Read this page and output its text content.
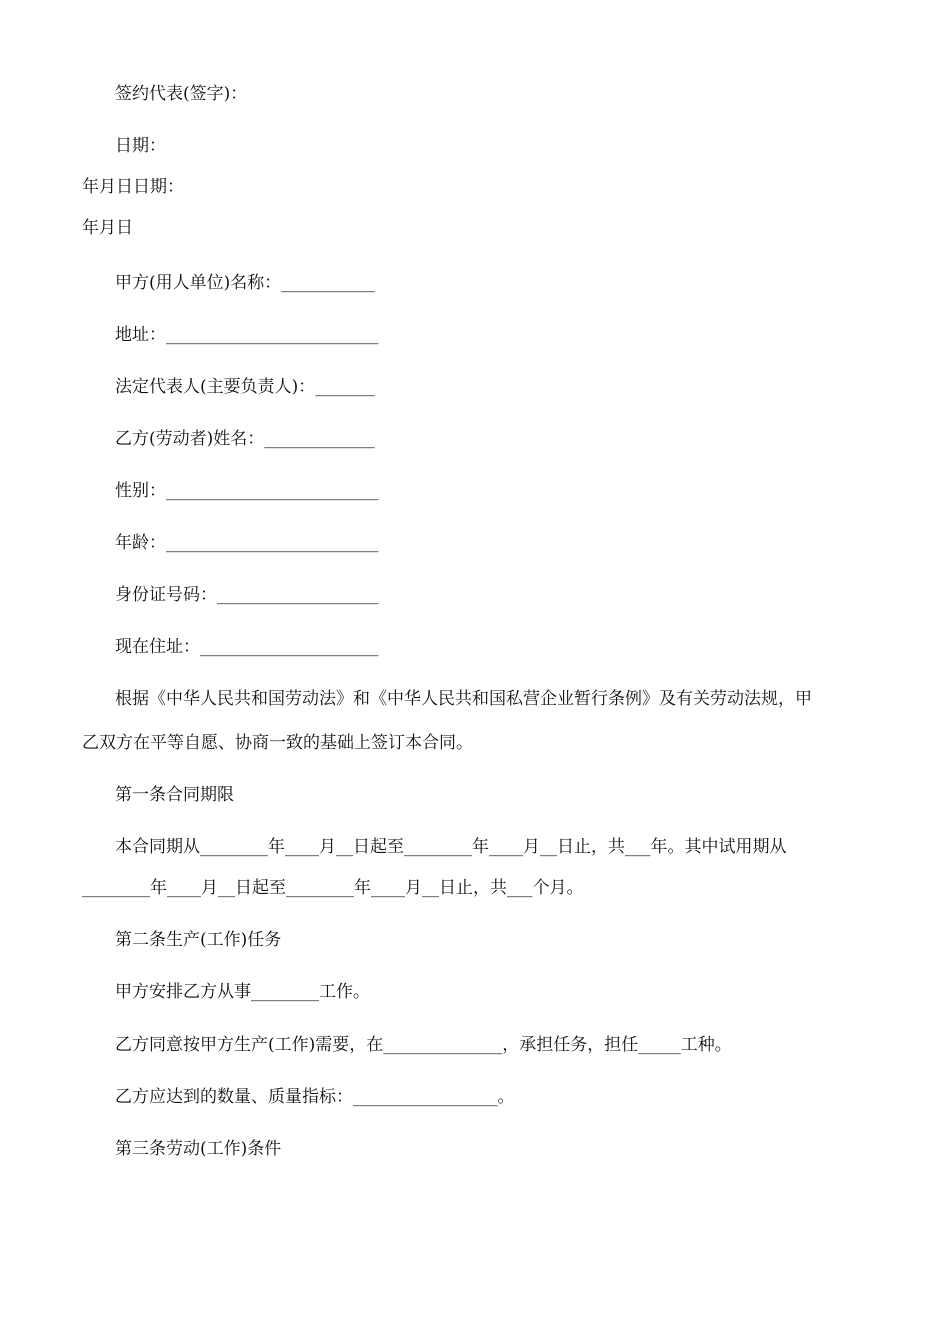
签约代表(签字)：

日期：

年月日日期：

年月日

甲方(用人单位)名称：___________

地址：_________________________

法定代表人(主要负责人)：_______

乙方(劳动者)姓名：_____________

性别：_________________________

年龄：_________________________

身份证号码：___________________

现在住址：_____________________

根据《中华人民共和国劳动法》和《中华人民共和国私营企业暂行条例》及有关劳动法规，甲

乙双方在平等自愿、协商一致的基础上签订本合同。

第一条合同期限

本合同期从________年____月__日起至________年____月__日止，共___年。其中试用期从

________年____月__日起至________年____月__日止，共___个月。

第二条生产(工作)任务

甲方安排乙方从事________工作。

乙方同意按甲方生产(工作)需要，在______________，承担任务，担任_____工种。

乙方应达到的数量、质量指标：_________________。

第三条劳动(工作)条件
